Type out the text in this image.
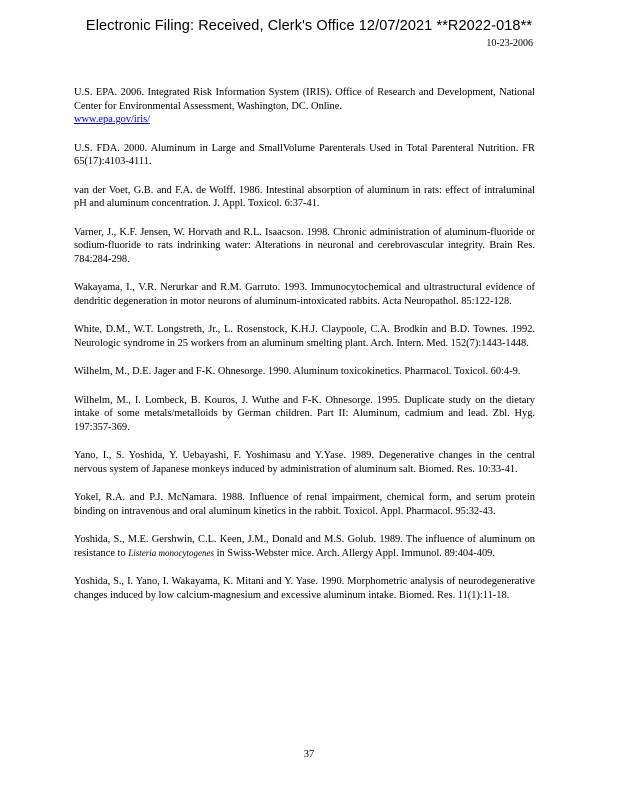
Electronic Filing: Received, Clerk's Office 12/07/2021 **R2022-018**
10-23-2006

U.S. EPA. 2006. Integrated Risk Information System (IRIS). Office of Research and Development, National Center for Environmental Assessment, Washington, DC. Online.
www.epa.gov/iris/

U.S. FDA. 2000. Aluminum in Large and SmallVolume Parenterals Used in Total Parenteral Nutrition. FR 65(17):4103-4111.

van der Voet, G.B. and F.A. de Wolff. 1986. Intestinal absorption of aluminum in rats: effect of intraluminal pH and aluminum concentration. J. Appl. Toxicol. 6:37-41.

Varner, J., K.F. Jensen, W. Horvath and R.L. Isaacson. 1998. Chronic administration of aluminum-fluoride or sodium-fluoride to rats indrinking water: Alterations in neuronal and cerebrovascular integrity. Brain Res. 784:284-298.

Wakayama, I., V.R. Nerurkar and R.M. Garruto. 1993. Immunocytochemical and ultrastructural evidence of dendritic degeneration in motor neurons of aluminum-intoxicated rabbits. Acta Neuropathol. 85:122-128.

White, D.M., W.T. Longstreth, Jr., L. Rosenstock, K.H.J. Claypoole, C.A. Brodkin and B.D. Townes. 1992. Neurologic syndrome in 25 workers from an aluminum smelting plant. Arch. Intern. Med. 152(7):1443-1448.

Wilhelm, M., D.E. Jager and F-K. Ohnesorge. 1990. Aluminum toxicokinetics. Pharmacol. Toxicol. 60:4-9.

Wilhelm, M., I. Lombeck, B. Kouros, J. Wuthe and F-K. Ohnesorge. 1995. Duplicate study on the dietary intake of some metals/metalloids by German children. Part II: Aluminum, cadmium and lead. Zbl. Hyg. 197:357-369.

Yano, I., S. Yoshida, Y. Uebayashi, F. Yoshimasu and Y.Yase. 1989. Degenerative changes in the central nervous system of Japanese monkeys induced by administration of aluminum salt. Biomed. Res. 10:33-41.

Yokel, R.A. and P.J. McNamara. 1988. Influence of renal impairment, chemical form, and serum protein binding on intravenous and oral aluminum kinetics in the rabbit. Toxicol. Appl. Pharmacol. 95:32-43.

Yoshida, S., M.E. Gershwin, C.L. Keen, J.M., Donald and M.S. Golub. 1989. The influence of aluminum on resistance to Listeria monocytogenes in Swiss-Webster mice. Arch. Allergy Appl. Immunol. 89:404-409.

Yoshida, S., I. Yano, I. Wakayama, K. Mitani and Y. Yase. 1990. Morphometric analysis of neurodegenerative changes induced by low calcium-magnesium and excessive aluminum intake. Biomed. Res. 11(1):11-18.

37
